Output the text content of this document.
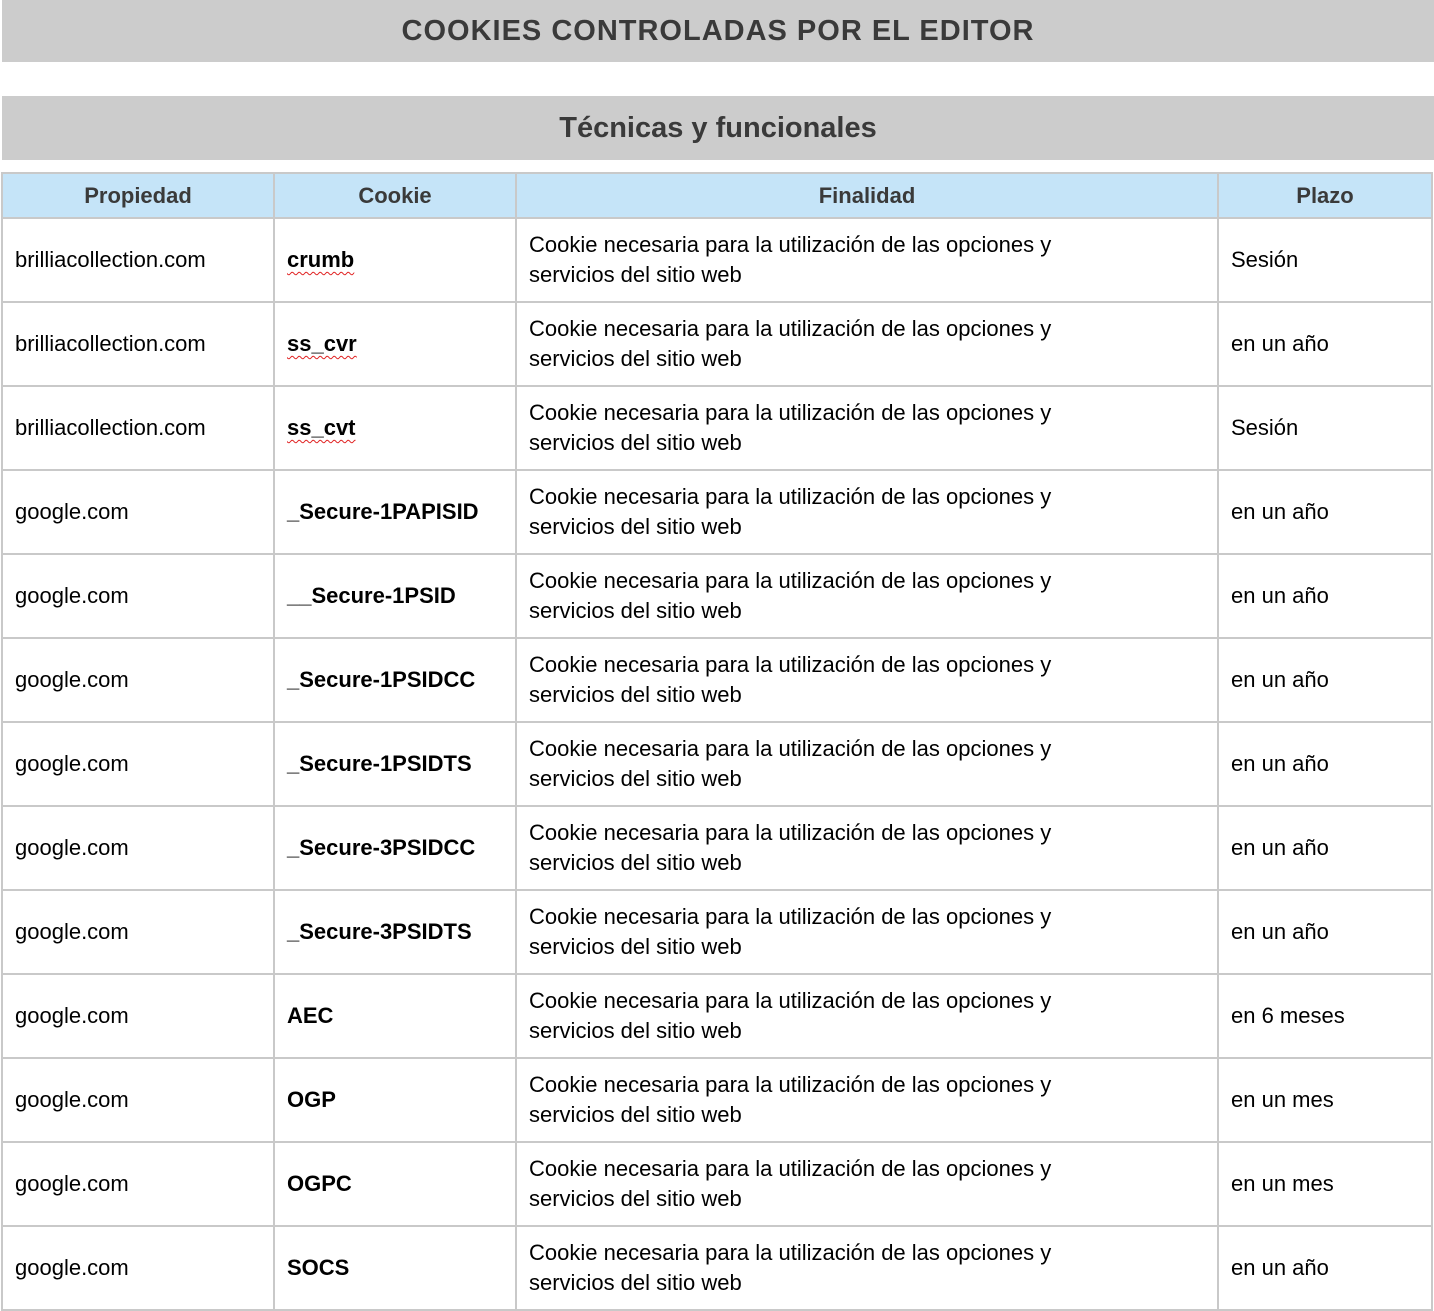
COOKIES CONTROLADAS POR EL EDITOR
Técnicas y funcionales
Propiedad	Cookie	Finalidad	Plazo
brilliacollection.com	crumb	Cookie necesaria para la utilización de las opciones y servicios del sitio web	Sesión
brilliacollection.com	ss_cvr	Cookie necesaria para la utilización de las opciones y servicios del sitio web	en un año
brilliacollection.com	ss_cvt	Cookie necesaria para la utilización de las opciones y servicios del sitio web	Sesión
google.com	_Secure-1PAPISID	Cookie necesaria para la utilización de las opciones y servicios del sitio web	en un año
google.com	__Secure-1PSID	Cookie necesaria para la utilización de las opciones y servicios del sitio web	en un año
google.com	_Secure-1PSIDCC	Cookie necesaria para la utilización de las opciones y servicios del sitio web	en un año
google.com	_Secure-1PSIDTS	Cookie necesaria para la utilización de las opciones y servicios del sitio web	en un año
google.com	_Secure-3PSIDCC	Cookie necesaria para la utilización de las opciones y servicios del sitio web	en un año
google.com	_Secure-3PSIDTS	Cookie necesaria para la utilización de las opciones y servicios del sitio web	en un año
google.com	AEC	Cookie necesaria para la utilización de las opciones y servicios del sitio web	en 6 meses
google.com	OGP	Cookie necesaria para la utilización de las opciones y servicios del sitio web	en un mes
google.com	OGPC	Cookie necesaria para la utilización de las opciones y servicios del sitio web	en un mes
google.com	SOCS	Cookie necesaria para la utilización de las opciones y servicios del sitio web	en un año
